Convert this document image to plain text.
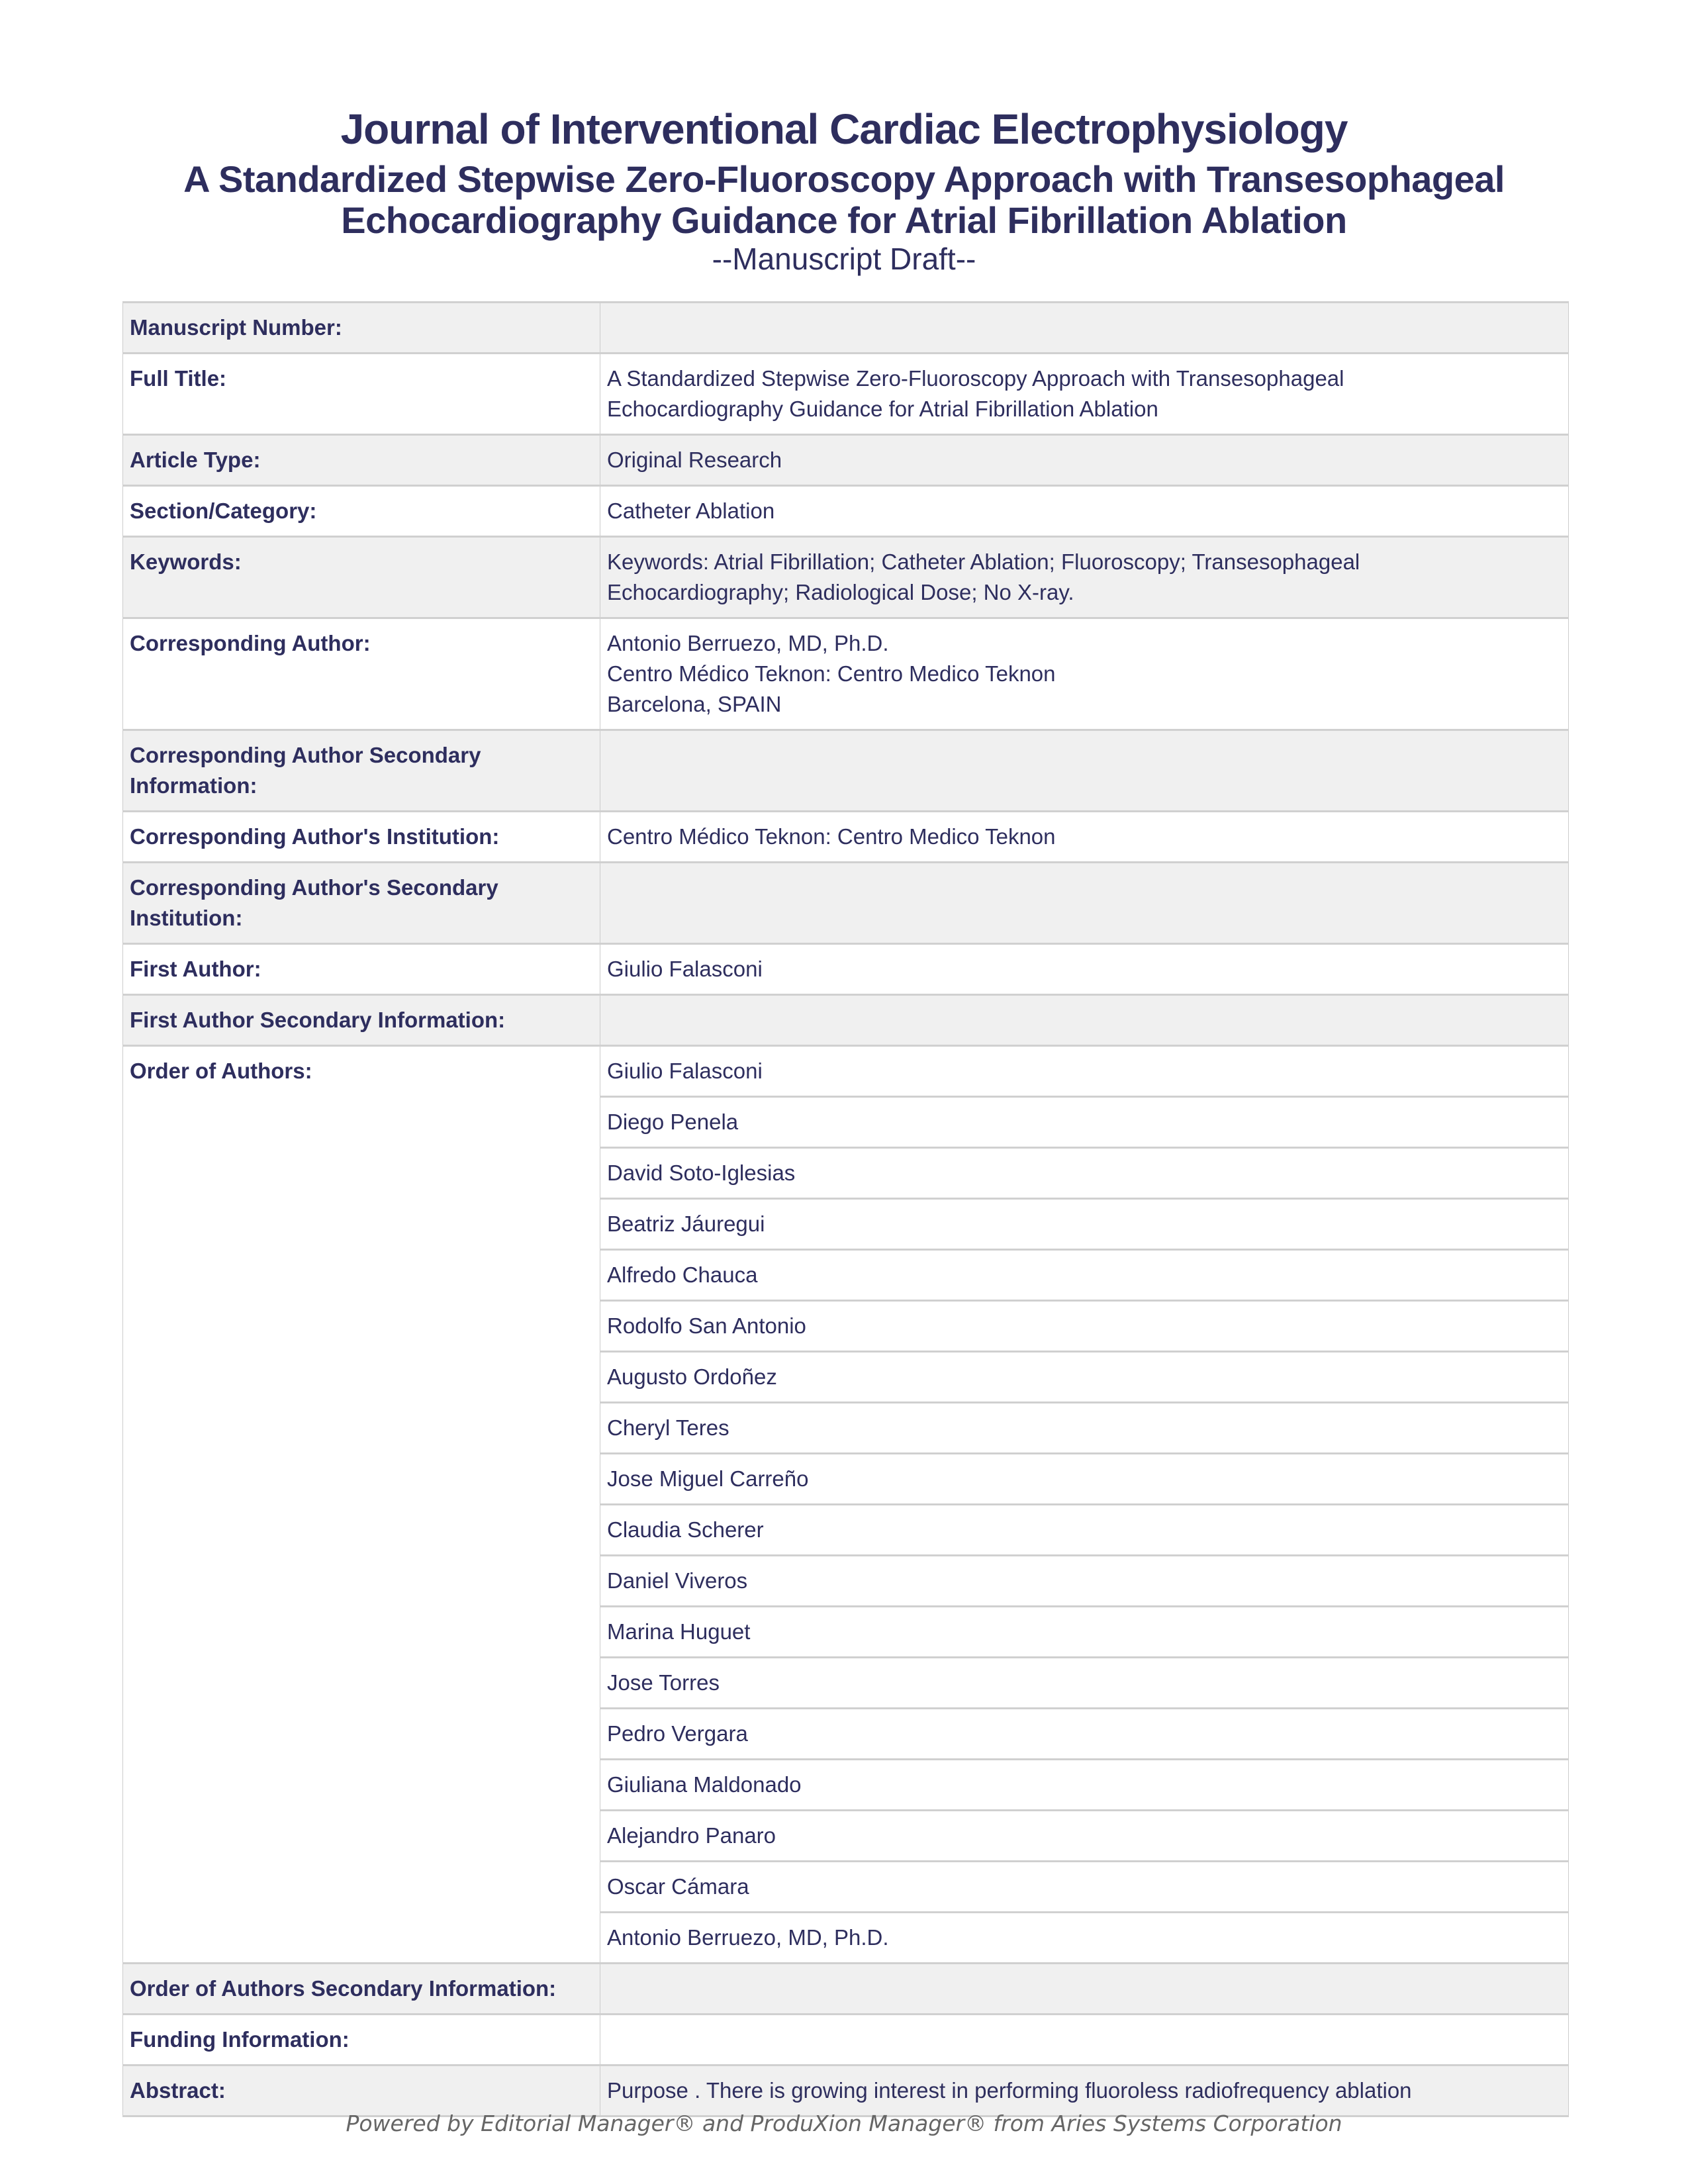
Journal of Interventional Cardiac Electrophysiology
A Standardized Stepwise Zero-Fluoroscopy Approach with Transesophageal
Echocardiography Guidance for Atrial Fibrillation Ablation
--Manuscript Draft--
Manuscript Number:	
Full Title:	A Standardized Stepwise Zero-Fluoroscopy Approach with Transesophageal
Echocardiography Guidance for Atrial Fibrillation Ablation

Article Type:	Original Research
Section/Category:	Catheter Ablation
Keywords:	Keywords: Atrial Fibrillation; Catheter Ablation; Fluoroscopy; Transesophageal
Echocardiography; Radiological Dose; No X-ray.

Corresponding Author:	Antonio Berruezo, MD, Ph.D.
Centro Médico Teknon: Centro Medico Teknon
Barcelona, SPAIN

Corresponding Author Secondary
Information:	

Corresponding Author's Institution:	Centro Médico Teknon: Centro Medico Teknon

Corresponding Author's Secondary
Institution:	

First Author:	Giulio Falasconi
First Author Secondary Information:	
Order of Authors:	Giulio Falasconi
	Diego Penela
	David Soto-Iglesias
	Beatriz Jáuregui
	Alfredo Chauca
	Rodolfo San Antonio
	Augusto Ordoñez
	Cheryl Teres
	Jose Miguel Carreño
	Claudia Scherer
	Daniel Viveros
	Marina Huguet
	Jose Torres
	Pedro Vergara
	Giuliana Maldonado
	Alejandro Panaro
	Oscar Cámara
	Antonio Berruezo, MD, Ph.D.
Order of Authors Secondary Information:	
Funding Information:	
Abstract:	Purpose . There is growing interest in performing fluoroless radiofrequency ablation
Powered by Editorial Manager® and ProduXion Manager® from Aries Systems Corporation
